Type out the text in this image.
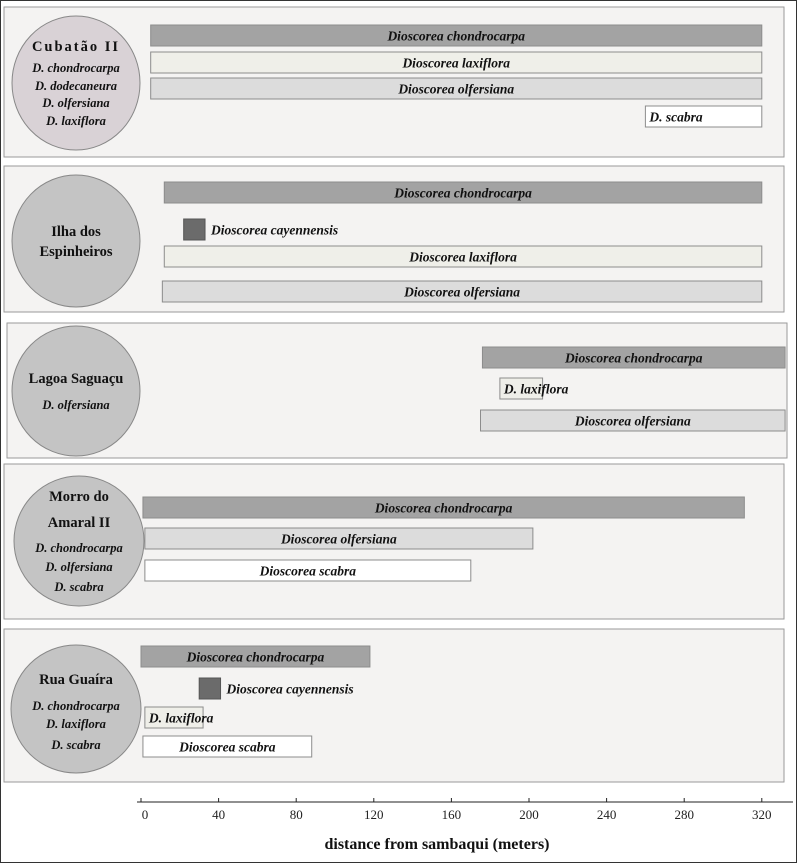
Cubatão II
D. chondrocarpa
D. dodecaneura
D. olfersiana
D. laxiflora
Dioscorea chondrocarpa
Dioscorea laxiflora
Dioscorea olfersiana
D. scabra
Ilha dos
Espinheiros
Dioscorea chondrocarpa
Dioscorea cayennensis
Dioscorea laxiflora
Dioscorea olfersiana
Lagoa Saguaçu
D. olfersiana
Dioscorea chondrocarpa
D. laxiflora
Dioscorea olfersiana
Morro do
Amaral II
D. chondrocarpa
D. olfersiana
D. scabra
Dioscorea chondrocarpa
Dioscorea olfersiana
Dioscorea scabra
Rua Guaíra
D. chondrocarpa
D. laxiflora
D. scabra
Dioscorea chondrocarpa
Dioscorea cayennensis
D. laxiflora
Dioscorea scabra
0	40	80	120	160	200	240	280	320
distance from sambaqui (meters)
